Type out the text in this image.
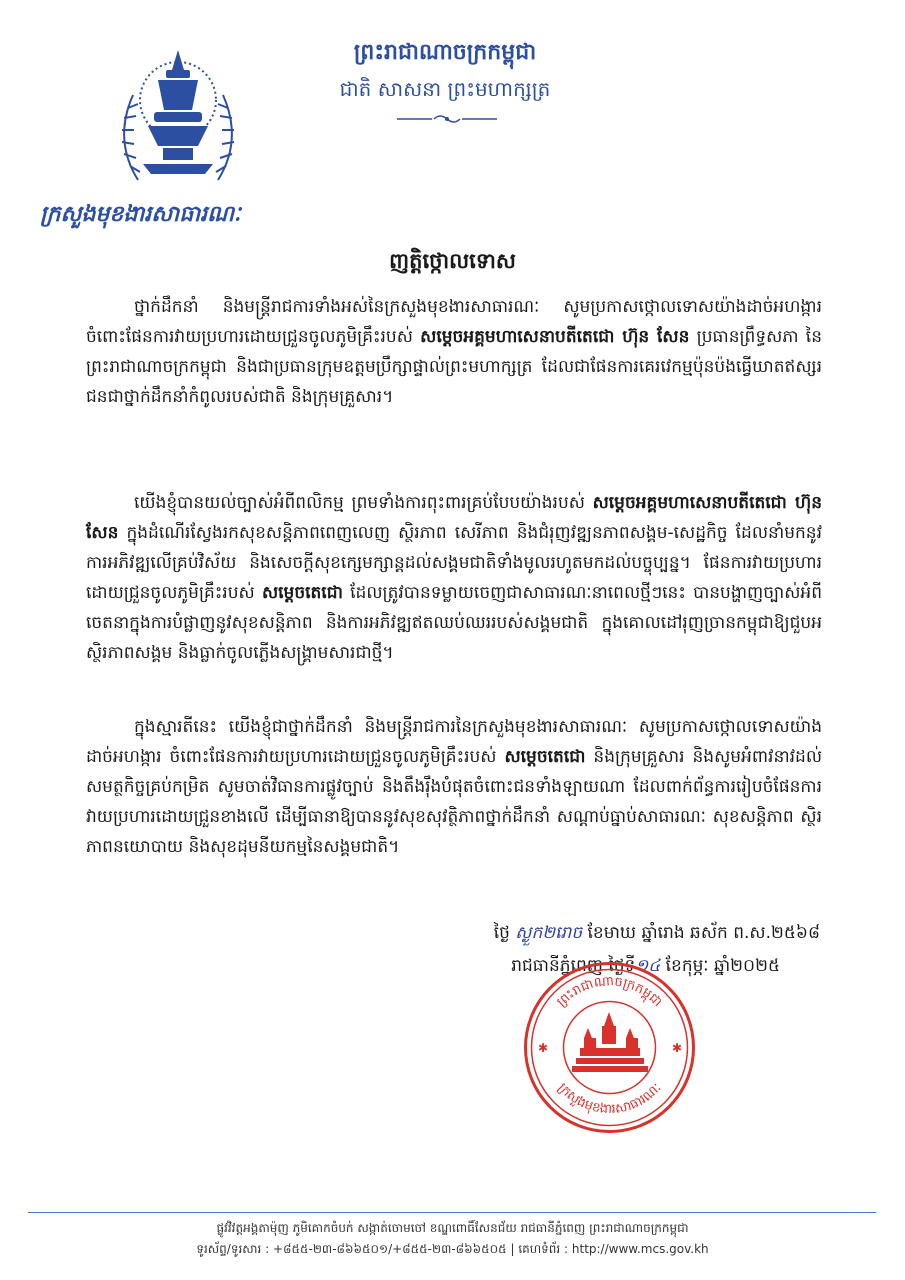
ក្រសួងមុខងារសាធារណៈ
ព្រះរាជាណាចក្រកម្ពុជា
ជាតិ សាសនា ព្រះមហាក្សត្រ
ញត្តិថ្កោលទោស
ថ្នាក់ដឹកនាំ និងមន្ត្រីរាជការទាំងអស់នៃក្រសួងមុខងារសាធារណៈ សូមប្រកាសថ្កោលទោសយ៉ាងដាច់អហង្ការ ចំពោះផែនការវាយប្រហារដោយជ្រួនចូលភូមិគ្រឹះរបស់ សម្ដេចអគ្គមហាសេនាបតីតេជោ ហ៊ុន សែន ប្រធានព្រឹទ្ធសភា នៃព្រះរាជាណាចក្រកម្ពុជា និងជាប្រធានក្រុមឧត្តមប្រឹក្សាផ្ទាល់ព្រះមហាក្សត្រ ដែលជាផែនការគេរវេកម្មប៉ុនប៉ងធ្វើឃាតឥស្សរជនជាថ្នាក់ដឹកនាំកំពូលរបស់ជាតិ និងក្រុមគ្រួសារ។
យើងខ្ញុំបានយល់ច្បាស់អំពីពលិកម្ម ព្រមទាំងការពុះពារគ្រប់បែបយ៉ាងរបស់ សម្ដេចអគ្គមហាសេនាបតីតេជោ ហ៊ុន សែន ក្នុងដំណើរស្វែងរកសុខសន្តិភាពពេញលេញ ស្ថិរភាព សេរីភាព និងជំរុញវឌ្ឍនភាពសង្គម-សេដ្ឋកិច្ច ដែលនាំមកនូវការអភិវឌ្ឍលើគ្រប់វិស័យ និងសេចក្តីសុខក្សេមក្សាន្តដល់សង្គមជាតិទាំងមូលរហូតមកដល់បច្ចុប្បន្ន។ ផែនការវាយប្រហារដោយជ្រួនចូលភូមិគ្រឹះរបស់ សម្ដេចតេជោ ដែលត្រូវបានទម្លាយចេញជាសាធារណៈនាពេលថ្មីៗនេះ បានបង្ហាញច្បាស់អំពីចេតនាក្នុងការបំផ្លាញនូវសុខសន្តិភាព និងការអភិវឌ្ឍឥតឈប់ឈររបស់សង្គមជាតិ ក្នុងគោលដៅរុញច្រានកម្ពុជាឱ្យជួបអស្ថិរភាពសង្គម និងធ្លាក់ចូលភ្លើងសង្គ្រាមសារជាថ្មី។
ក្នុងស្មារតីនេះ យើងខ្ញុំជាថ្នាក់ដឹកនាំ និងមន្ត្រីរាជការនៃក្រសួងមុខងារសាធារណៈ សូមប្រកាសថ្កោលទោសយ៉ាងដាច់អហង្ការ ចំពោះផែនការវាយប្រហារដោយជ្រួនចូលភូមិគ្រឹះរបស់ សម្ដេចតេជោ និងក្រុមគ្រួសារ និងសូមអំពាវនាវដល់សមត្ថកិច្ចគ្រប់កម្រិត សូមចាត់វិធានការផ្លូវច្បាប់ និងតឹងរ៉ឹងបំផុតចំពោះជនទាំងឡាយណា ដែលពាក់ព័ន្ធការរៀបចំផែនការវាយប្រហារដោយជ្រួនខាងលើ ដើម្បីធានាឱ្យបាននូវសុខសុវត្ថិភាពថ្នាក់ដឹកនាំ សណ្តាប់ធ្នាប់សាធារណៈ សុខសន្តិភាព ស្ថិរភាពនយោបាយ និងសុខដុមនីយកម្មនៃសង្គមជាតិ។
ថ្ងៃ ស្ងួក២រោច ខែមាឃ ឆ្នាំរោង ឆស័ក ព.ស.២៥៦៨
រាជធានីភ្នំពេញ ថ្ងៃទី១៤ ខែកុម្ភៈ ឆ្នាំ២០២៥
ព្រះរាជាណាចក្រកម្ពុជា
ក្រសួងមុខងារសាធារណៈ
✱	✱
ផ្លូវវិវត្តអង្គតាម៉ុញ ភូមិគោកចំបក់ សង្កាត់ចោមចៅ ខណ្ឌពោធិ៍សែនជ័យ រាជធានីភ្នំពេញ ព្រះរាជាណាចក្រកម្ពុជា
ទូរស័ព្ទ/ទូរសារ : +៨៥៥-២៣-៨៦៦៥០១/+៨៥៥-២៣-៨៦៦៥០៥ | គេហទំព័រ : http://www.mcs.gov.kh
